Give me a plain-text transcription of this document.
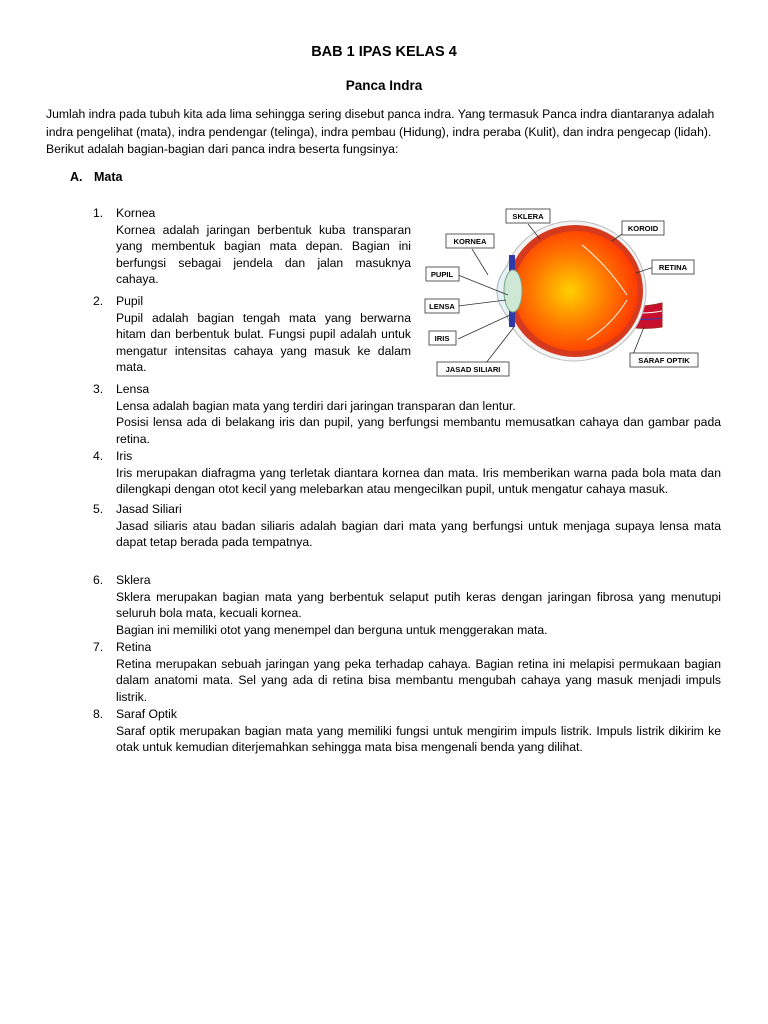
BAB 1 IPAS KELAS 4
Panca Indra
Jumlah indra pada tubuh kita ada lima sehingga sering disebut panca indra. Yang termasuk Panca indra diantaranya adalah indra pengelihat (mata), indra pendengar (telinga), indra pembau (Hidung), indra peraba (Kulit), dan indra pengecap (lidah). Berikut adalah bagian-bagian dari panca indra beserta fungsinya:
A. Mata
1.	Kornea

Kornea adalah jaringan berbentuk kuba transparan yang membentuk bagian mata depan. Bagian ini berfungsi sebagai jendela dan jalan masuknya cahaya.

2.	Pupil

Pupil adalah bagian tengah mata yang berwarna hitam dan berbentuk bulat. Fungsi pupil adalah untuk mengatur intensitas cahaya yang masuk ke dalam mata.

3.	Lensa

Lensa adalah bagian mata yang terdiri dari jaringan transparan dan lentur.

Posisi lensa ada di belakang iris dan pupil, yang berfungsi membantu memusatkan cahaya dan gambar pada retina.

4.	Iris

Iris merupakan diafragma yang terletak diantara kornea dan mata. Iris memberikan warna pada bola mata dan dilengkapi dengan otot kecil yang melebarkan atau mengecilkan pupil, untuk mengatur cahaya masuk.

5.	Jasad Siliari

Jasad siliaris atau badan siliaris adalah bagian dari mata yang berfungsi untuk menjaga supaya lensa mata dapat tetap berada pada tempatnya.

6.	Sklera

Sklera merupakan bagian mata yang berbentuk selaput putih keras dengan jaringan fibrosa yang menutupi seluruh bola mata, kecuali kornea.

Bagian ini memiliki otot yang menempel dan berguna untuk menggerakan mata.

7.	Retina

Retina merupakan sebuah jaringan yang peka terhadap cahaya. Bagian retina ini melapisi permukaan bagian dalam anatomi mata. Sel yang ada di retina bisa membantu mengubah cahaya yang masuk menjadi impuls listrik.

8.	Saraf Optik

Saraf optik merupakan bagian mata yang memiliki fungsi untuk mengirim impuls listrik. Impuls listrik dikirim ke otak untuk kemudian diterjemahkan sehingga mata bisa mengenali benda yang dilihat.

SKLERA
KORNEA
PUPIL
LENSA
IRIS
JASAD SILIARI
KOROID
RETINA
SARAF OPTIK
